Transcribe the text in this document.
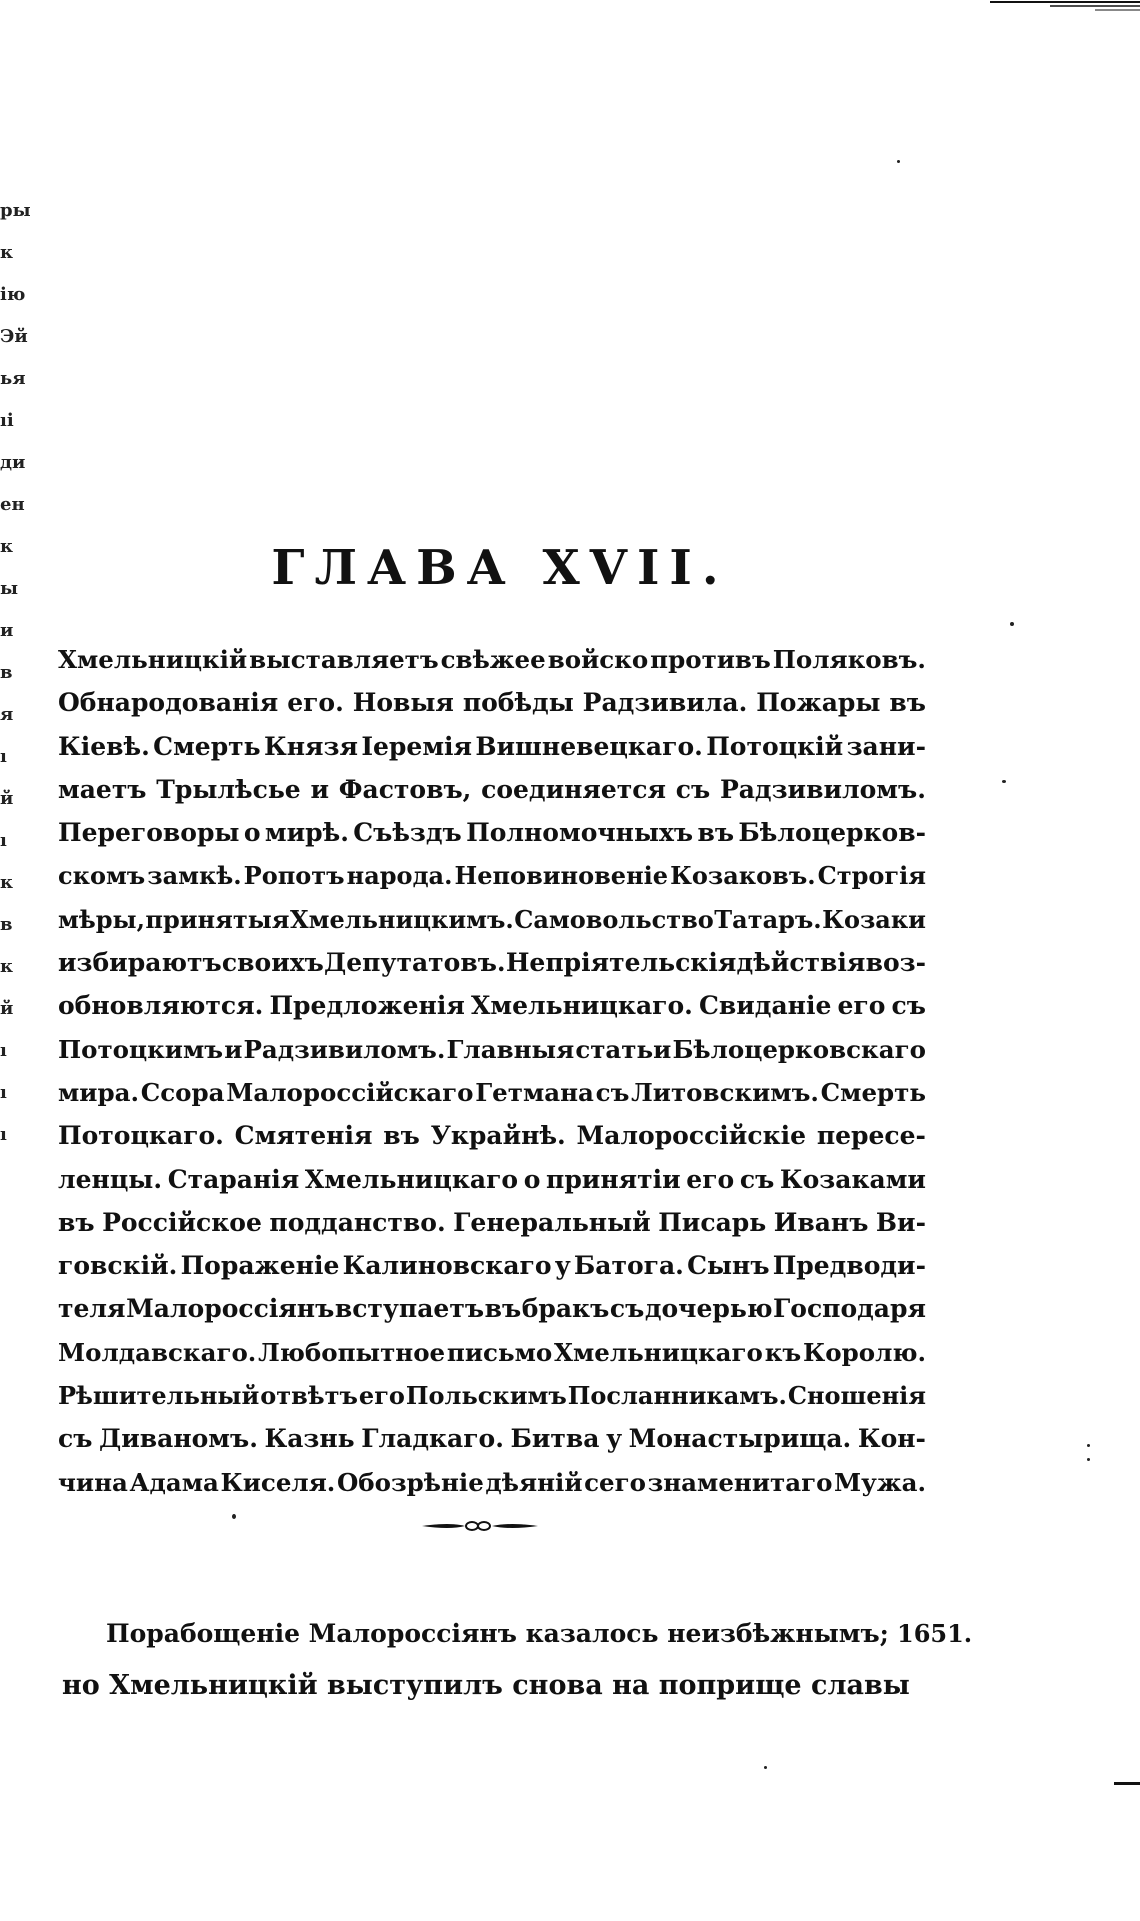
ры
к
ію
Эй
ья
ıі
ди
ен
к
ы
и
в
я
ı
й
ı
к
в
к
й
ı
ı
ı
ГЛАВА XVII.
Хмельницкій выставляетъ свѣжее войско противъ Поляковъ.
Обнародованія его. Новыя побѣды Радзивила. Пожары въ
Кіевѣ. Смерть Князя Іеремія Вишневецкаго. Потоцкій зани-
маетъ Трылѣсье и Фастовъ, соединяется съ Радзивиломъ.
Переговоры о мирѣ. Съѣздъ Полномочныхъ въ Бѣлоцерков-
скомъ замкѣ. Ропотъ народа. Неповиновеніе Козаковъ. Строгія
мѣры, принятыя Хмельницкимъ. Самовольство Татаръ. Козаки
избираютъ своихъ Депутатовъ. Непріятельскія дѣйствія воз-
обновляются. Предложенія Хмельницкаго. Свиданіе его съ
Потоцкимъ и Радзивиломъ. Главныя статьи Бѣлоцерковскаго
мира. Ссора Малороссійскаго Гетмана съ Литовскимъ. Смерть
Потоцкаго. Смятенія въ Украйнѣ. Малороссійскіе пересе-
ленцы. Старанія Хмельницкаго о принятіи его съ Козаками
въ Россійское подданство. Генеральный Писарь Иванъ Ви-
говскій. Пораженіе Калиновскаго у Батога. Сынъ Предводи-
теля Малороссіянъ вступаетъ въ бракъ съ дочерью Господаря
Молдавскаго. Любопытное письмо Хмельницкаго къ Королю.
Рѣшительный отвѣтъ его Польскимъ Посланникамъ. Сношенія
съ Диваномъ. Казнь Гладкаго. Битва у Монастырища. Кон-
чина Адама Киселя. Обозрѣніе дѣяній сего знаменитаго Мужа.
Порабощеніе Малороссіянъ казалось неизбѣжнымъ;
но Хмельницкій выступилъ снова на поприще славы
1651.
